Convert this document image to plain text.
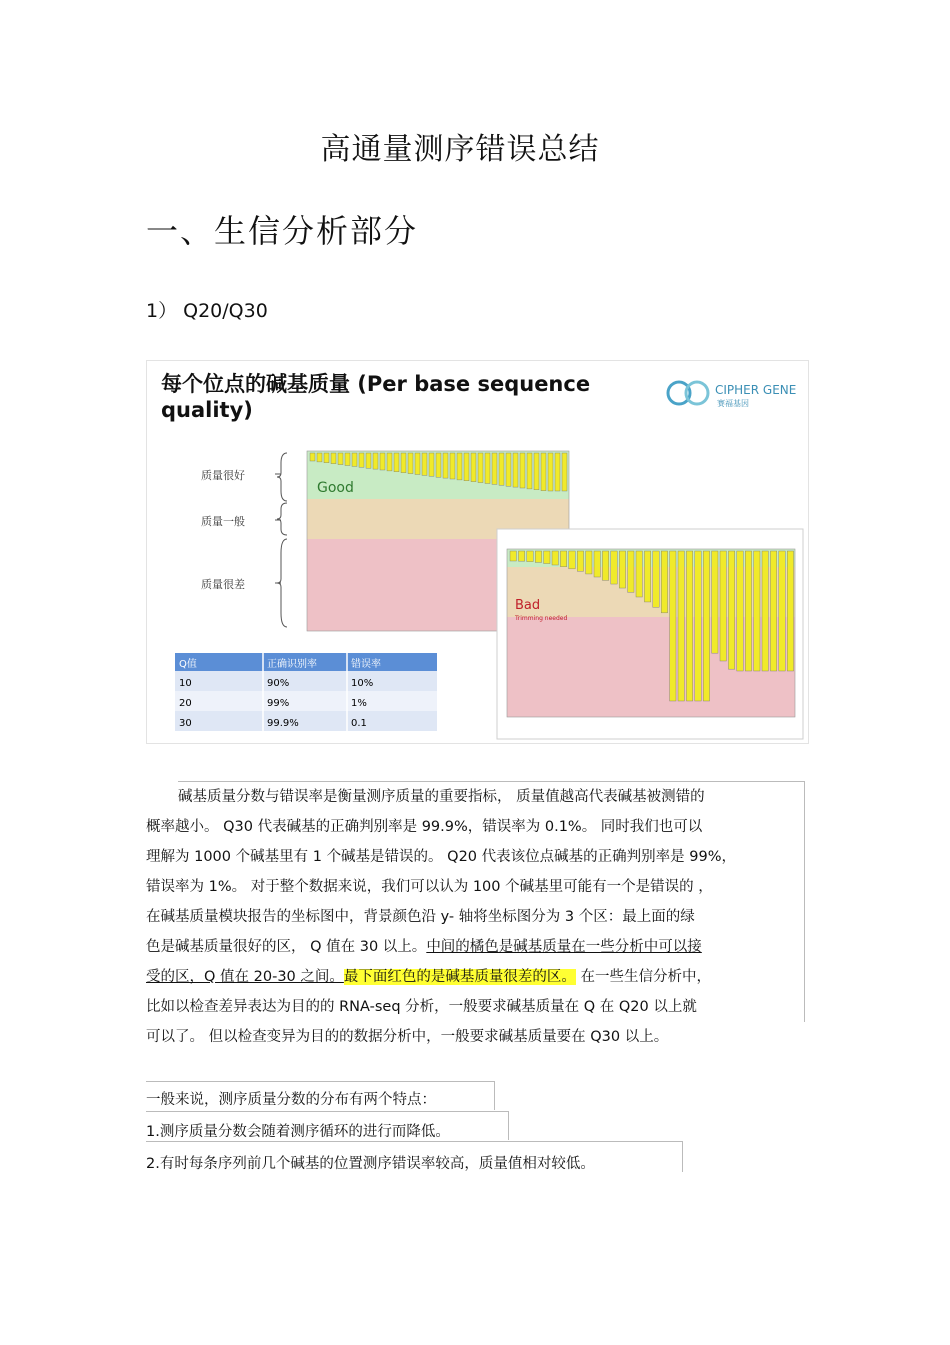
高通量测序错误总结
一、生信分析部分
1） Q20/Q30
每个位点的碱基质量 (Per base sequence
quality)
CIPHER GENE
赛福基因
质量很好
质量一般
质量很差
Good
Bad
Trimming needed
Q值	正确识别率	错误率
10	90%	10%
20	99%	1%
30	99.9%	0.1
碱基质量分数与错误率是衡量测序质量的重要指标， 质量值越高代表碱基被测错的
概率越小。 Q30 代表碱基的正确判别率是 99.9%，错误率为 0.1%。 同时我们也可以
理解为 1000 个碱基里有 1 个碱基是错误的。 Q20 代表该位点碱基的正确判别率是 99%，
错误率为 1%。 对于整个数据来说，我们可以认为 100 个碱基里可能有一个是错误的 ，
在碱基质量模块报告的坐标图中，背景颜色沿 y- 轴将坐标图分为 3 个区：最上面的绿
色是碱基质量很好的区， Q 值在 30 以上。中间的橘色是碱基质量在一些分析中可以接
受的区，Q 值在 20-30 之间。最下面红色的是碱基质量很差的区。 在一些生信分析中，
比如以检查差异表达为目的的 RNA-seq 分析，一般要求碱基质量在 Q 在 Q20 以上就
可以了。 但以检查变异为目的的数据分析中，一般要求碱基质量要在 Q30 以上。
一般来说，测序质量分数的分布有两个特点：
1.测序质量分数会随着测序循环的进行而降低。
2.有时每条序列前几个碱基的位置测序错误率较高，质量值相对较低。
